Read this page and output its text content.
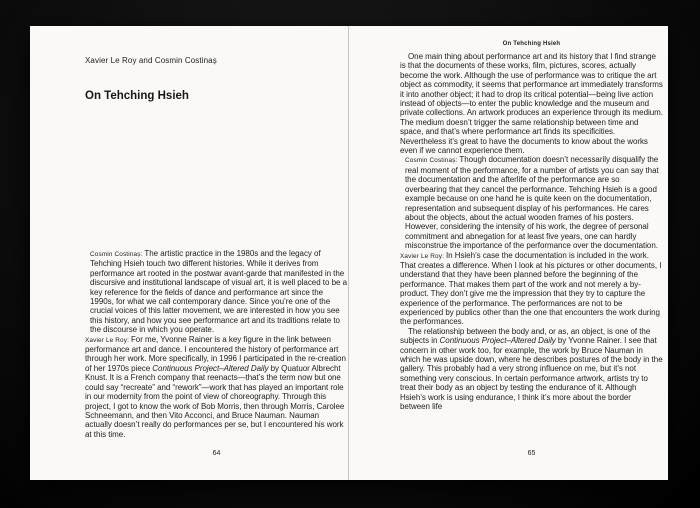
Xavier Le Roy and Cosmin Costinaș
On Tehching Hsieh

Cosmin Costinaș: The artistic practice in the 1980s and the legacy of Tehching Hsieh touch two different histories. While it derives from performance art rooted in the postwar avant-garde that manifested in the discursive and institutional landscape of visual art, it is well placed to be a key reference for the fields of dance and performance art since the 1990s, for what we call contemporary dance. Since you’re one of the crucial voices of this latter movement, we are interested in how you see this history, and how you see performance art and its traditions relate to the discourse in which you operate.

Xavier Le Roy: For me, Yvonne Rainer is a key figure in the link between performance art and dance. I encountered the history of performance art through her work. More specifically, in 1996 I participated in the re-creation of her 1970s piece Continuous Project–Altered Daily by Quatuor Albrecht Knust. It is a French company that reenacts—that’s the term now but one could say “recreate” and “rework”—work that has played an important role in our modernity from the point of view of choreography. Through this project, I got to know the work of Bob Morris, then through Morris, Carolee Schneemann, and then Vito Acconci, and Bruce Nauman. Nauman actually doesn’t really do performances per se, but I encountered his work at this time.

64
On Tehching Hsieh

One main thing about performance art and its history that I find strange is that the documents of these works, film, pictures, scores, actually become the work. Although the use of performance was to critique the art object as commodity, it seems that performance art immediately transforms it into another object; it had to drop its critical potential—being live action instead of objects—to enter the public knowledge and the museum and private collections. An artwork produces an experience through its medium. The medium doesn’t trigger the same relationship between time and space, and that’s where performance art finds its specificities. Nevertheless it’s great to have the documents to know about the works even if we cannot experience them.

Cosmin Costinaș: Though documentation doesn’t necessarily disqualify the real moment of the performance, for a number of artists you can say that the documentation and the afterlife of the performance are so overbearing that they cancel the performance. Tehching Hsieh is a good example because on one hand he is quite keen on the documentation, representation and subsequent display of his performances. He cares about the objects, about the actual wooden frames of his posters. However, considering the intensity of his work, the degree of personal commitment and abnegation for at least five years, one can hardly misconstrue the importance of the performance over the documentation.

Xavier Le Roy: In Hsieh’s case the documentation is included in the work. That creates a difference. When I look at his pictures or other documents, I understand that they have been planned before the beginning of the performance. That makes them part of the work and not merely a by-product. They don’t give me the impression that they try to capture the experience of the performance. The performances are not to be experienced by publics other than the one that encounters the work during the performances.

The relationship between the body and, or as, an object, is one of the subjects in Continuous Project–Altered Daily by Yvonne Rainer. I see that concern in other work too, for example, the work by Bruce Nauman in which he was upside down, where he describes postures of the body in the gallery. This probably had a very strong influence on me, but it’s not something very conscious. In certain performance artwork, artists try to treat their body as an object by testing the endurance of it. Although Hsieh’s work is using endurance, I think it’s more about the border between life

65
